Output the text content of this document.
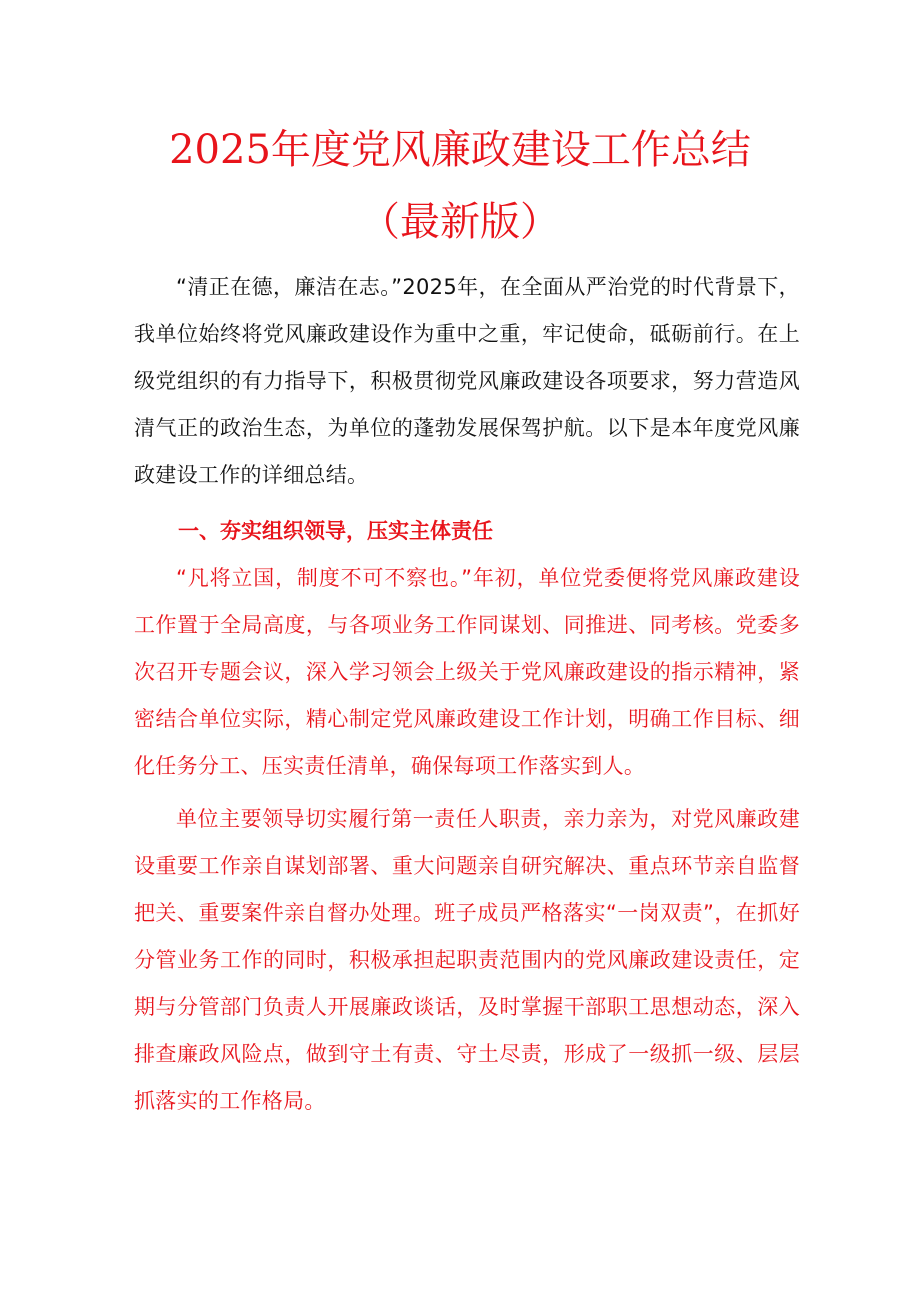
2025年度党风廉政建设工作总结
（最新版）

“清正在德，廉洁在志。”2025年，在全面从严治党的时代背景下，我单位始终将党风廉政建设作为重中之重，牢记使命，砥砺前行。在上级党组织的有力指导下，积极贯彻党风廉政建设各项要求，努力营造风清气正的政治生态，为单位的蓬勃发展保驾护航。以下是本年度党风廉政建设工作的详细总结。

一、夯实组织领导，压实主体责任

“凡将立国，制度不可不察也。”年初，单位党委便将党风廉政建设工作置于全局高度，与各项业务工作同谋划、同推进、同考核。党委多次召开专题会议，深入学习领会上级关于党风廉政建设的指示精神，紧密结合单位实际，精心制定党风廉政建设工作计划，明确工作目标、细化任务分工、压实责任清单，确保每项工作落实到人。

单位主要领导切实履行第一责任人职责，亲力亲为，对党风廉政建设重要工作亲自谋划部署、重大问题亲自研究解决、重点环节亲自监督把关、重要案件亲自督办处理。班子成员严格落实“一岗双责”，在抓好分管业务工作的同时，积极承担起职责范围内的党风廉政建设责任，定期与分管部门负责人开展廉政谈话，及时掌握干部职工思想动态，深入排查廉政风险点，做到守土有责、守土尽责，形成了一级抓一级、层层抓落实的工作格局。
